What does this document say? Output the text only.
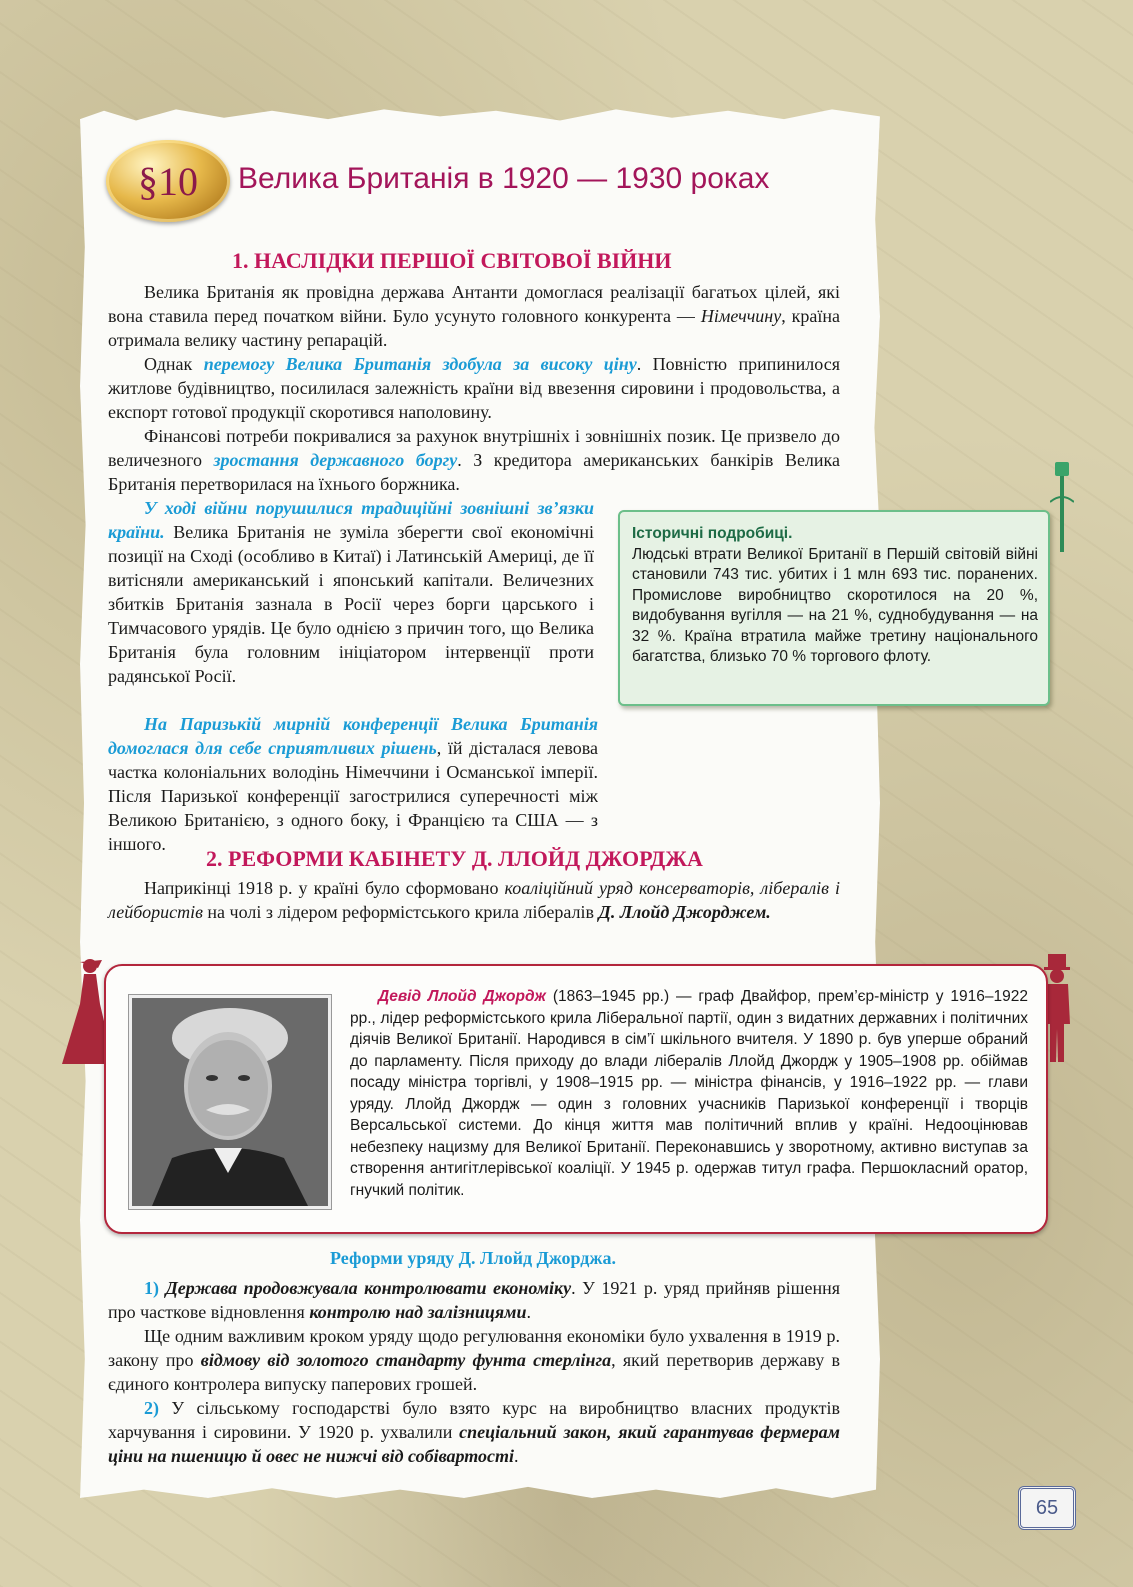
§10 Велика Британія в 1920 — 1930 роках
1. НАСЛІДКИ ПЕРШОЇ СВІТОВОЇ ВІЙНИ

Велика Британія як провідна держава Антанти домоглася реалізації багатьох цілей, які вона ставила перед початком війни. Було усунуто головного конкурента — Німеччину, країна отримала велику частину репарацій.

Однак перемогу Велика Британія здобула за високу ціну. Повністю припинилося житлове будівництво, посилилася залежність країни від ввезення сировини і продовольства, а експорт готової продукції скоротився наполовину.

Фінансові потреби покривалися за рахунок внутрішніх і зовнішніх позик. Це призвело до величезного зростання державного боргу. З кредитора американських банкірів Велика Британія перетворилася на їхнього боржника.

У ході війни порушилися традиційні зовнішні зв’язки країни. Велика Британія не зуміла зберегти свої економічні позиції на Сході (особливо в Китаї) і Латинській Америці, де її витісняли американський і японський капітали. Величезних збитків Британія зазнала в Росії через борги царського і Тимчасового урядів. Це було однією з причин того, що Велика Британія була головним ініціатором інтервенції проти радянської Росії.

На Паризькій мирній конференції Велика Британія домоглася для себе сприятливих рішень, їй дісталася левова частка колоніальних володінь Німеччини і Османської імперії. Після Паризької конференції загострилися суперечності між Великою Британією, з одного боку, і Францією та США — з іншого.

Історичні подробиці.

Людські втрати Великої Британії в Першій світовій війні становили 743 тис. убитих і 1 млн 693 тис. поранених. Промислове виробництво скоротилося на 20 %, видобування вугілля — на 21 %, суднобудування — на 32 %. Країна втратила майже третину національного багатства, близько 70 % торгового флоту.

2. РЕФОРМИ КАБІНЕТУ Д. ЛЛОЙД ДЖОРДЖА

Наприкінці 1918 р. у країні було сформовано коаліційний уряд консерваторів, лібералів і лейбористів на чолі з лідером реформістського крила лібералів Д. Ллойд Джорджем.

Девід Ллойд Джордж (1863–1945 рр.) — граф Двайфор, прем’єр-міністр у 1916–1922 рр., лідер реформістського крила Ліберальної партії, один з видатних державних і політичних діячів Великої Британії. Народився в сім’ї шкільного вчителя. У 1890 р. був уперше обраний до парламенту. Після приходу до влади лібералів Ллойд Джордж у 1905–1908 рр. обіймав посаду міністра торгівлі, у 1908–1915 рр. — міністра фінансів, у 1916–1922 рр. — глави уряду. Ллойд Джордж — один з головних учасників Паризької конференції і творців Версальської системи. До кінця життя мав політичний вплив у країні. Недооцінював небезпеку нацизму для Великої Британії. Переконавшись у зворотному, активно виступав за створення антигітлерівської коаліції. У 1945 р. одержав титул графа. Першокласний оратор, гнучкий політик.

Реформи уряду Д. Ллойд Джорджа.

1) Держава продовжувала контролювати економіку. У 1921 р. уряд прийняв рішення про часткове відновлення контролю над залізницями.

Ще одним важливим кроком уряду щодо регулювання економіки було ухвалення в 1919 р. закону про відмову від золотого стандарту фунта стерлінга, який перетворив державу в єдиного контролера випуску паперових грошей.

2) У сільському господарстві було взято курс на виробництво власних продуктів харчування і сировини. У 1920 р. ухвалили спеціальний закон, який гарантував фермерам ціни на пшеницю й овес не нижчі від собівартості.

65
